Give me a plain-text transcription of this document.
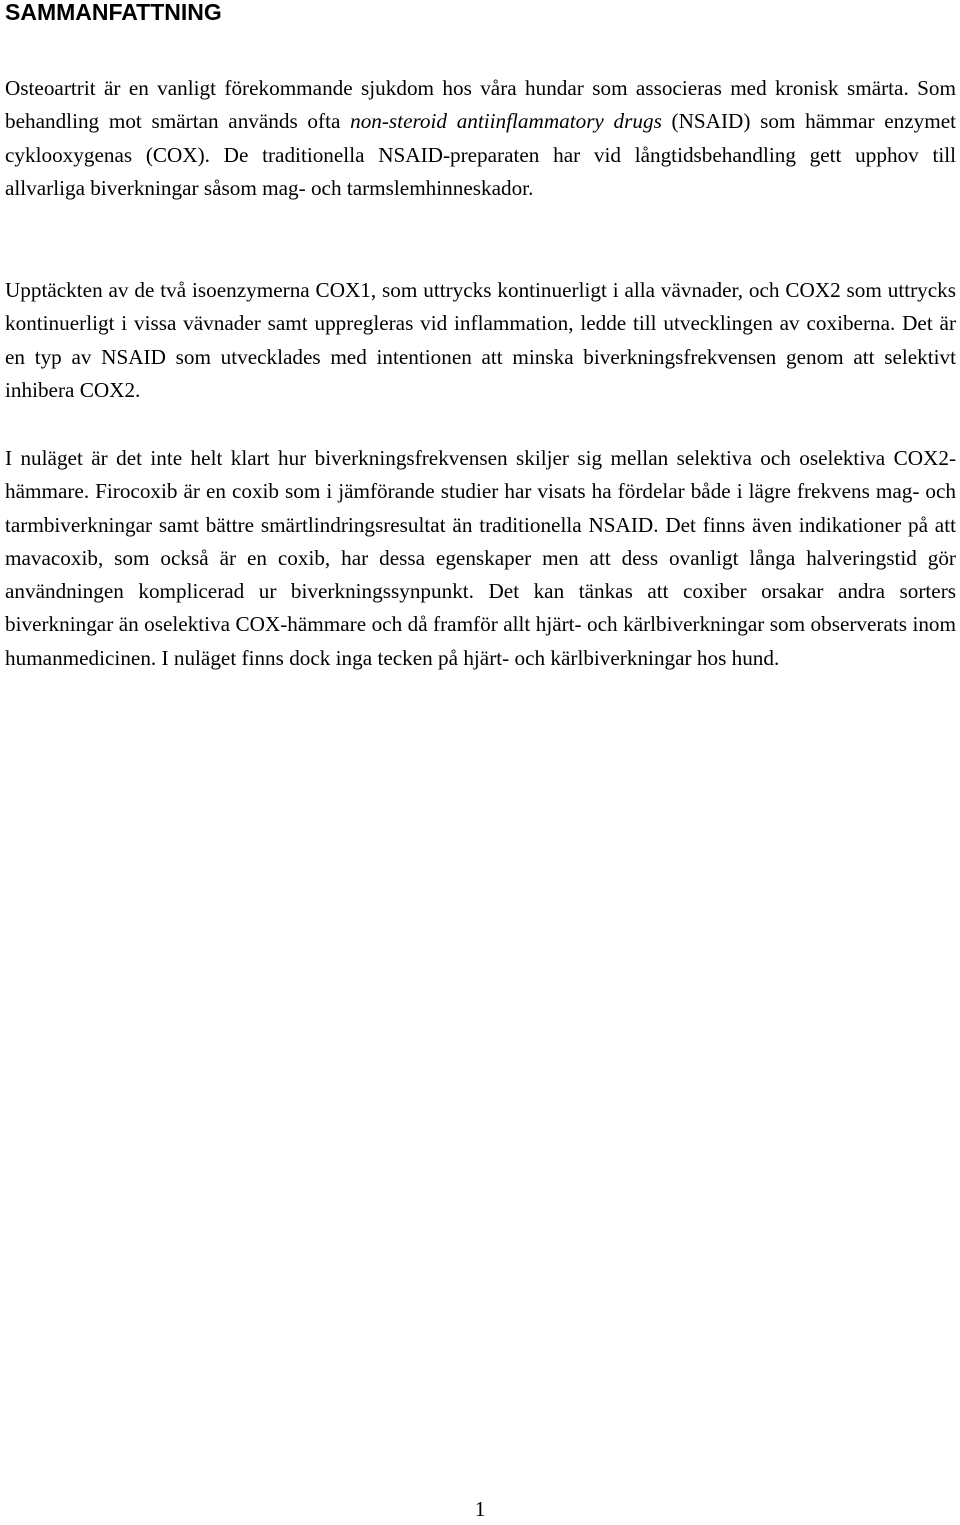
SAMMANFATTNING

Osteoartrit är en vanligt förekommande sjukdom hos våra hundar som associeras med kronisk smärta. Som behandling mot smärtan används ofta non-steroid antiinflammatory drugs (NSAID) som hämmar enzymet cyklooxygenas (COX). De traditionella NSAID-preparaten har vid långtidsbehandling gett upphov till allvarliga biverkningar såsom mag- och tarmslemhinneskador.

Upptäckten av de två isoenzymerna COX1, som uttrycks kontinuerligt i alla vävnader, och COX2 som uttrycks kontinuerligt i vissa vävnader samt uppregleras vid inflammation, ledde till utvecklingen av coxiberna. Det är en typ av NSAID som utvecklades med intentionen att minska biverkningsfrekvensen genom att selektivt inhibera COX2.

I nuläget är det inte helt klart hur biverkningsfrekvensen skiljer sig mellan selektiva och oselektiva COX2-hämmare. Firocoxib är en coxib som i jämförande studier har visats ha fördelar både i lägre frekvens mag- och tarmbiverkningar samt bättre smärtlindringsresultat än traditionella NSAID. Det finns även indikationer på att mavacoxib, som också är en coxib, har dessa egenskaper men att dess ovanligt långa halveringstid gör användningen komplicerad ur biverkningssynpunkt. Det kan tänkas att coxiber orsakar andra sorters biverkningar än oselektiva COX-hämmare och då framför allt hjärt- och kärlbiverkningar som observerats inom humanmedicinen. I nuläget finns dock inga tecken på hjärt- och kärlbiverkningar hos hund.

1
